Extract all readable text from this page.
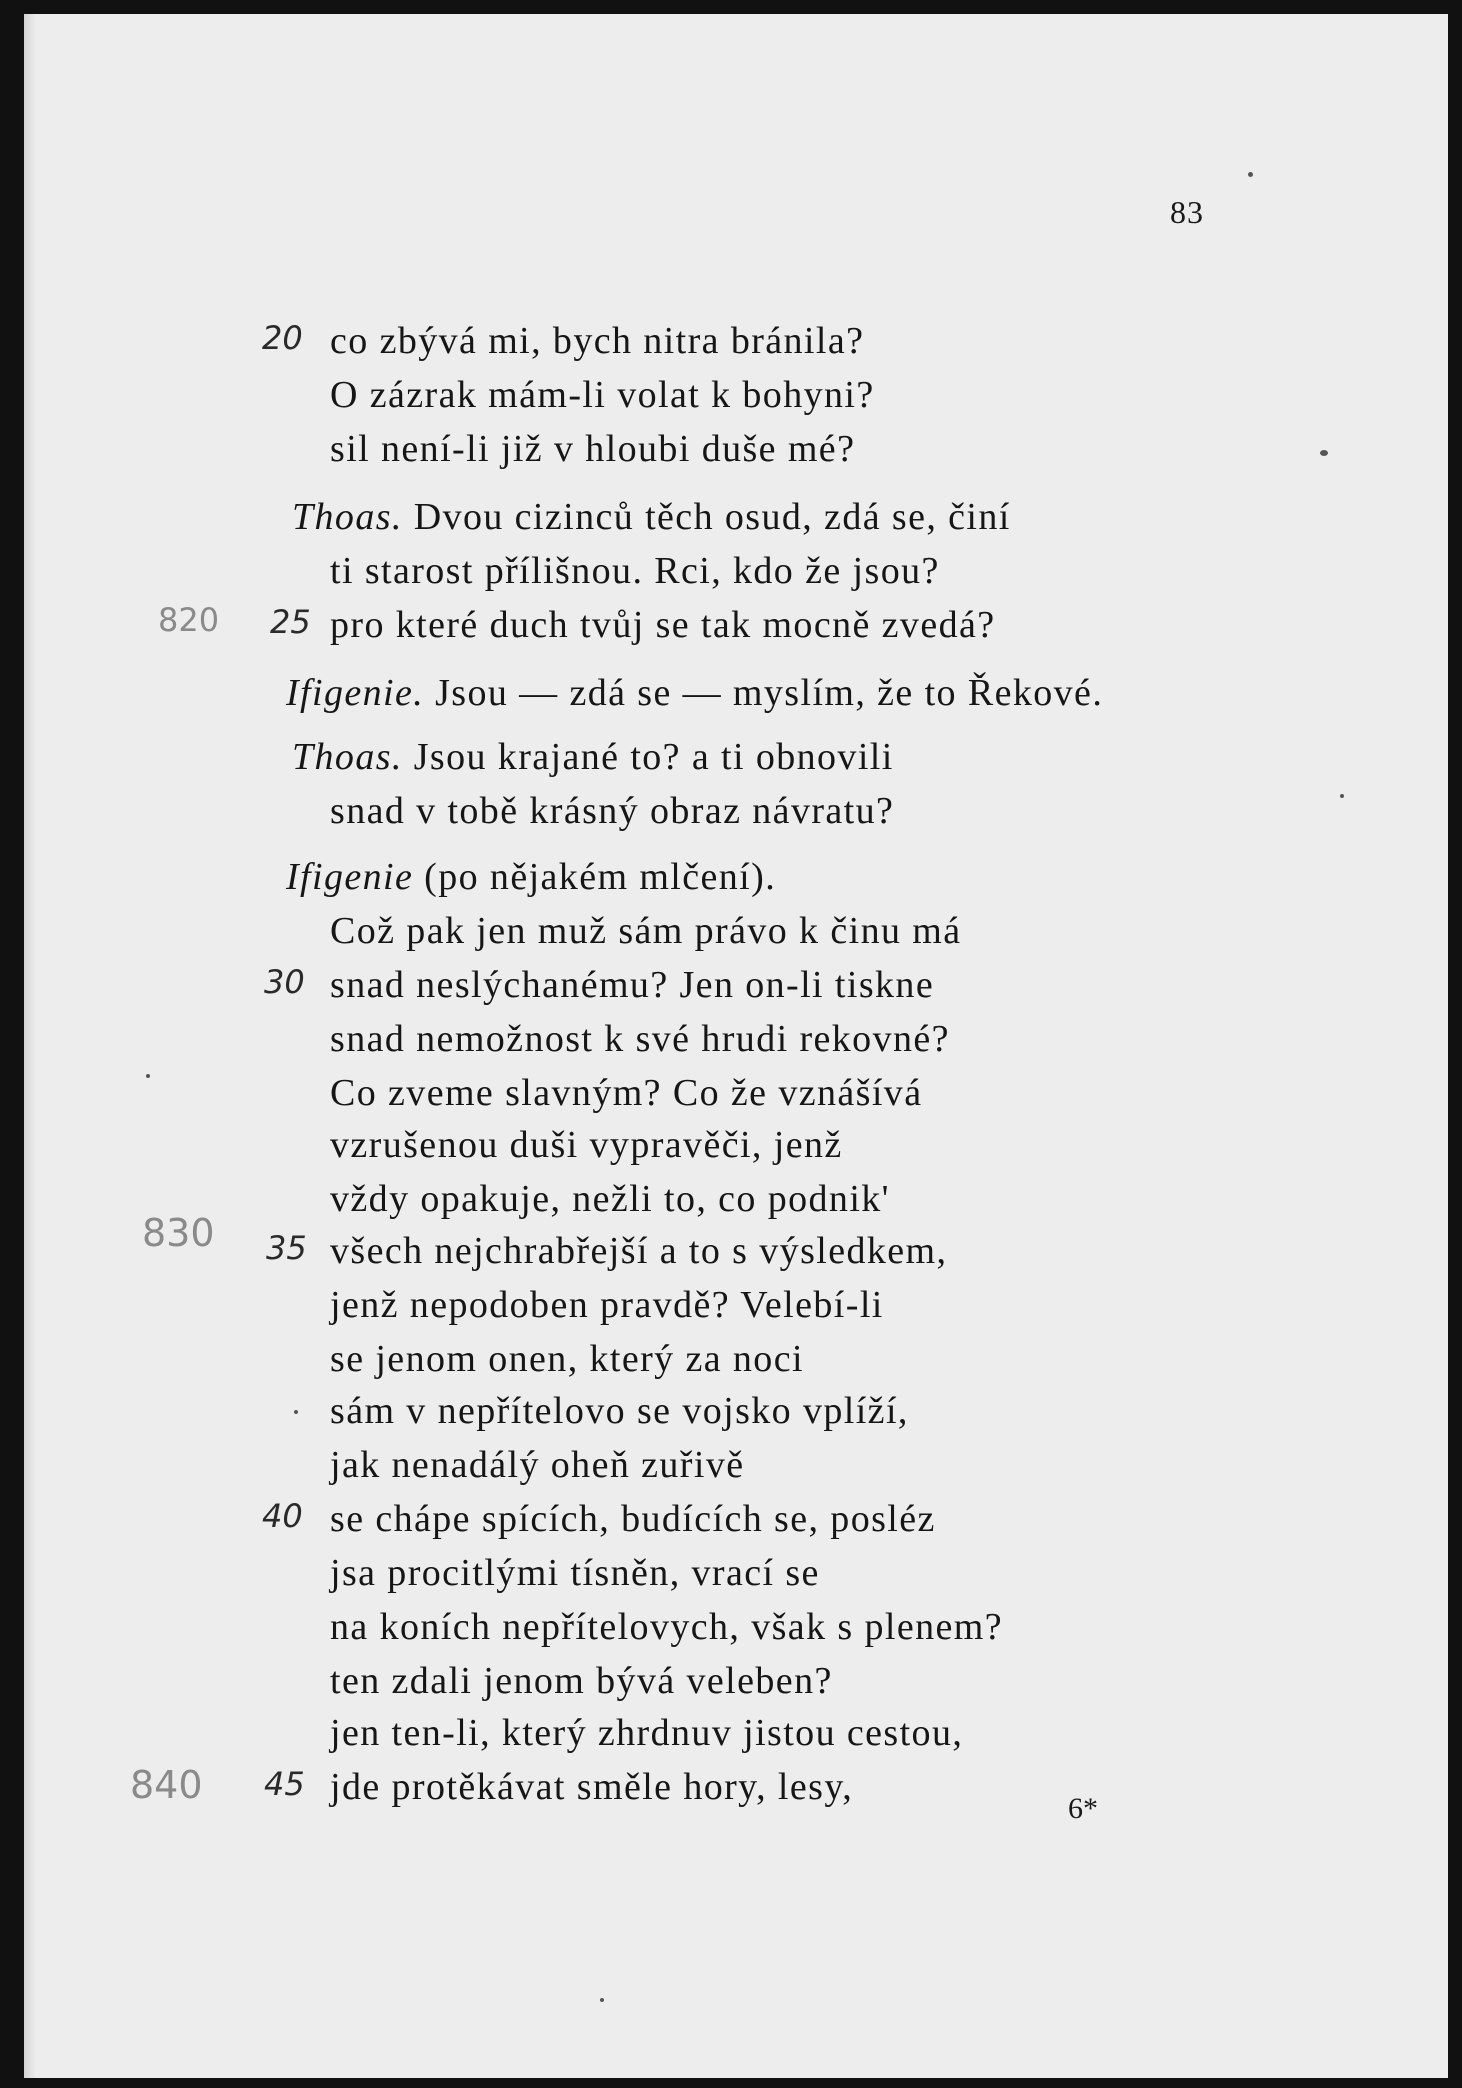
83
20
25
30
35
40
45
820
830
840
co zbývá mi, bych nitra bránila?
O zázrak mám-li volat k bohyni?
sil není-li již v hloubi duše mé?
Thoas. Dvou cizinců těch osud, zdá se, činí
ti starost přílišnou. Rci, kdo že jsou?
pro které duch tvůj se tak mocně zvedá?
Ifigenie. Jsou — zdá se — myslím, že to Řekové.
Thoas. Jsou krajané to? a ti obnovili
snad v tobě krásný obraz návratu?
Ifigenie (po nějakém mlčení).
Což pak jen muž sám právo k činu má
snad neslýchanému? Jen on-li tiskne
snad nemožnost k své hrudi rekovné?
Co zveme slavným? Co že vznášívá
vzrušenou duši vypravěči, jenž
vždy opakuje, nežli to, co podnik'
všech nejchrabřejší a to s výsledkem,
jenž nepodoben pravdě? Velebí-li
se jenom onen, který za noci
sám v nepřítelovo se vojsko vplíží,
jak nenadálý oheň zuřivě
se chápe spících, budících se, posléz
jsa procitlými tísněn, vrací se
na koních nepřítelovych, však s plenem?
ten zdali jenom bývá veleben?
jen ten-li, který zhrdnuv jistou cestou,
jde protěkávat směle hory, lesy,
6*
